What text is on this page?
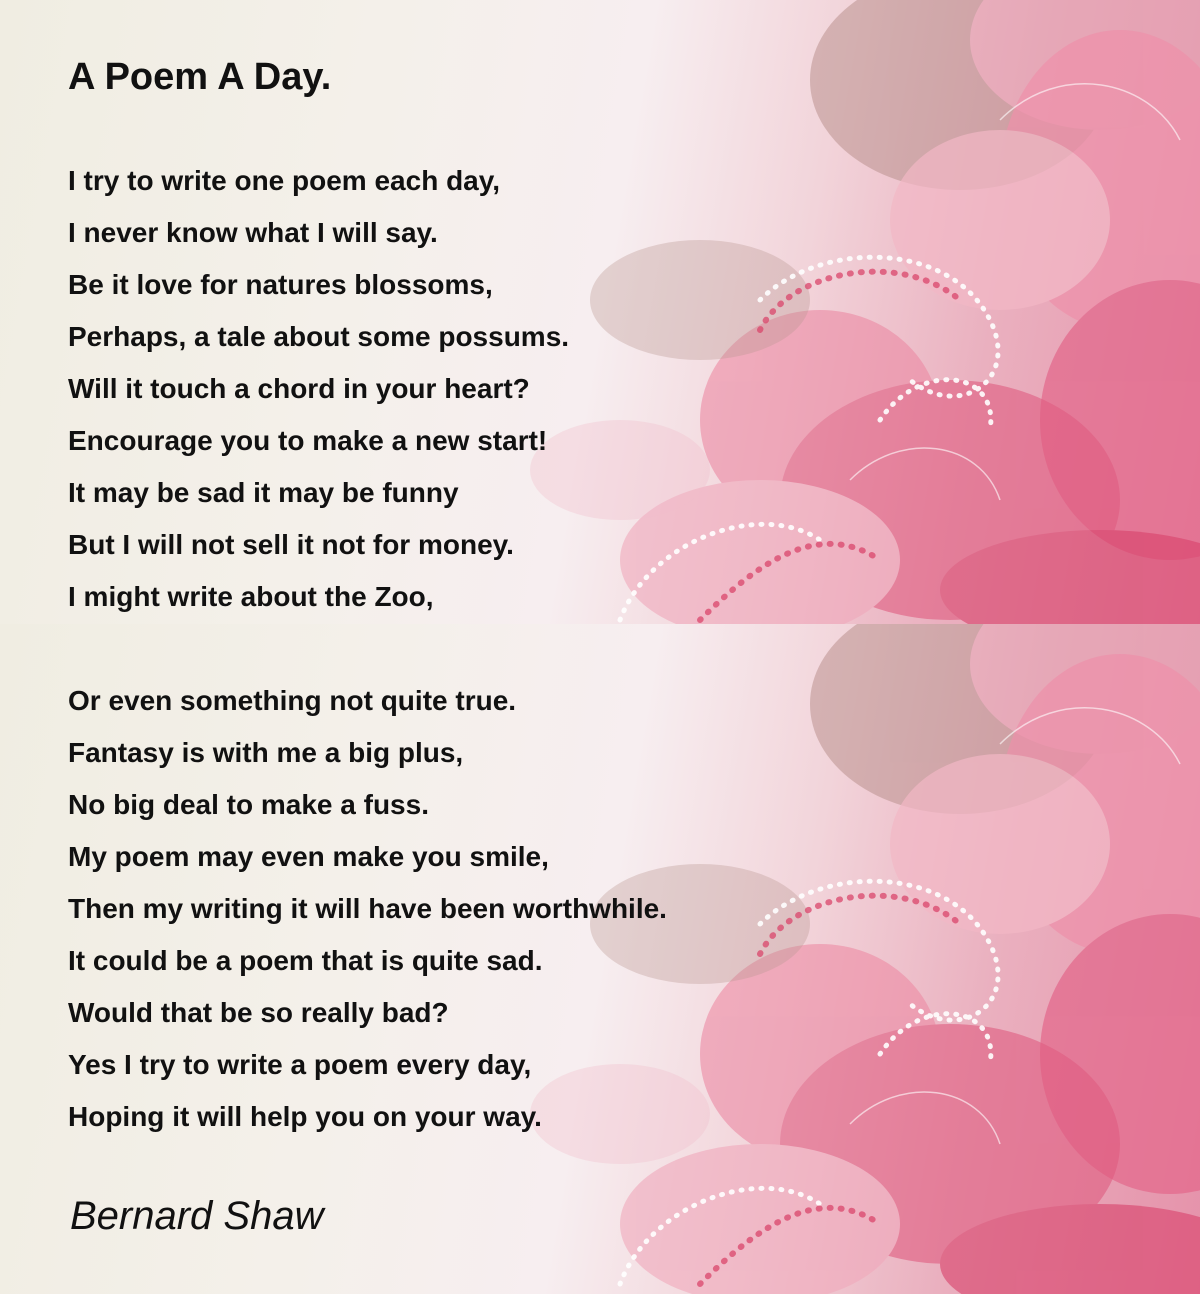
A Poem A Day.
I try to write one poem each day,
I never know what I will say.
Be it love for natures blossoms,
Perhaps, a tale about some possums.
Will it touch a chord in your heart?
Encourage you to make a new start!
It may be sad it may be funny
But I will not sell it not for money.
I might write about the Zoo,
Or even something not quite true.
Fantasy is with me a big plus,
No big deal to make a fuss.
My poem may even make you smile,
Then my writing it will have been worthwhile.
It could be a poem that is quite sad.
Would that be so really bad?
Yes I try to write a poem every day,
Hoping it will help you on your way.

Bernard Shaw
